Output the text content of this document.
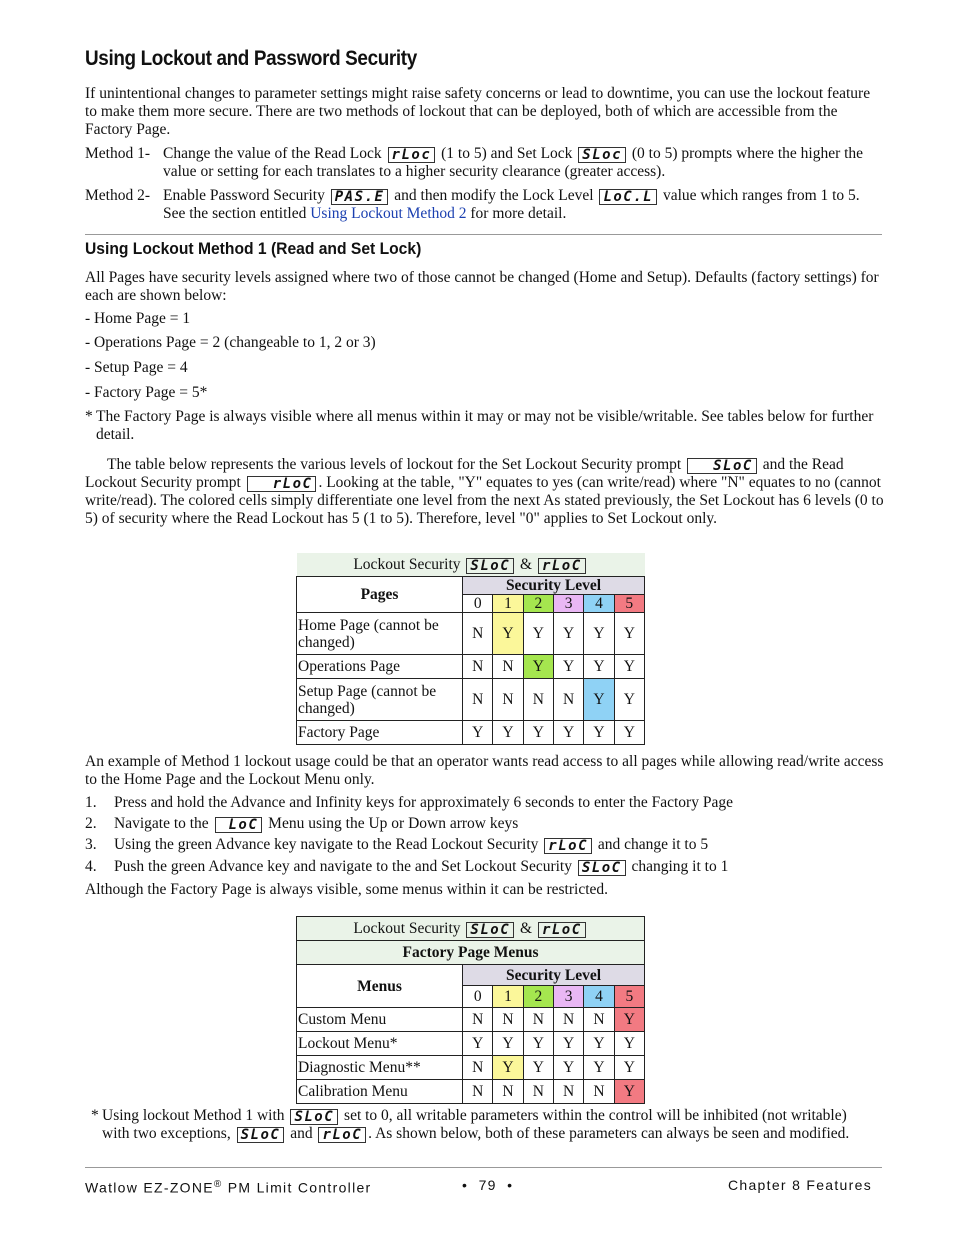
Using Lockout and Password Security

If unintentional changes to parameter settings might raise safety concerns or lead to downtime, you can use the lockout feature to make them more secure. There are two methods of lockout that can be deployed, both of which are accessible from the Factory Page.

Method 1- Change the value of the Read Lock rLoc (1 to 5) and Set Lock SLoc (0 to 5) prompts where the higher the value or setting for each translates to a higher security clearance (greater access).
Method 2- Enable Password Security PAS.E and then modify the Lock Level LoC.L value which ranges from 1 to 5. See the section entitled Using Lockout Method 2 for more detail.
Using Lockout Method 1 (Read and Set Lock)

All Pages have security levels assigned where two of those cannot be changed (Home and Setup). Defaults (factory settings) for each are shown below:

- Home Page = 1
- Operations Page = 2 (changeable to 1, 2 or 3)
- Setup Page = 4
- Factory Page = 5*
* The Factory Page is always visible where all menus within it may or may not be visible/writable. See tables below for further detail.
The table below represents the various levels of lockout for the Set Lockout Security prompt SLoC and the Read Lockout Security prompt rLoC . Looking at the table, "Y" equates to yes (can write/read) where "N" equates to no (cannot write/read). The colored cells simply differentiate one level from the next As stated previously, the Set Lockout has 6 levels (0 to 5) of security where the Read Lockout has 5 (1 to 5). Therefore, level "0" applies to Set Lockout only.
Lockout Security SLoC & rLoC						
Pages	Security Level					
	0	1	2	3	4	5
Home Page (cannot be changed)	N	Y	Y	Y	Y	Y
Operations Page	N	N	Y	Y	Y	Y
Setup Page (cannot be changed)	N	N	N	N	Y	Y
Factory Page	Y	Y	Y	Y	Y	Y

An example of Method 1 lockout usage could be that an operator wants read access to all pages while allowing read/write access to the Home Page and the Lockout Menu only.

1. Press and hold the Advance and Infinity keys for approximately 6 seconds to enter the Factory Page
2. Navigate to the  LoC Menu using the Up or Down arrow keys
3. Using the green Advance key navigate to the Read Lockout Security rLoC and change it to 5
4. Push the green Advance key and navigate to the and Set Lockout Security SLoC changing it to 1

Although the Factory Page is always visible, some menus within it can be restricted.

Lockout Security SLoC & rLoC						
Factory Page Menus						
Menus	Security Level					
	0	1	2	3	4	5
Custom Menu	N	N	N	N	N	Y
Lockout Menu*	Y	Y	Y	Y	Y	Y
Diagnostic Menu**	N	Y	Y	Y	Y	Y
Calibration Menu	N	N	N	N	N	Y
* Using lockout Method 1 with SLoC set to 0, all writable parameters within the control will be inhibited (not writable) with two exceptions, SLoC and rLoC . As shown below, both of these parameters can always be seen and modified.
Watlow EZ-ZONE® PM Limit Controller	•  79  •	Chapter 8 Features
